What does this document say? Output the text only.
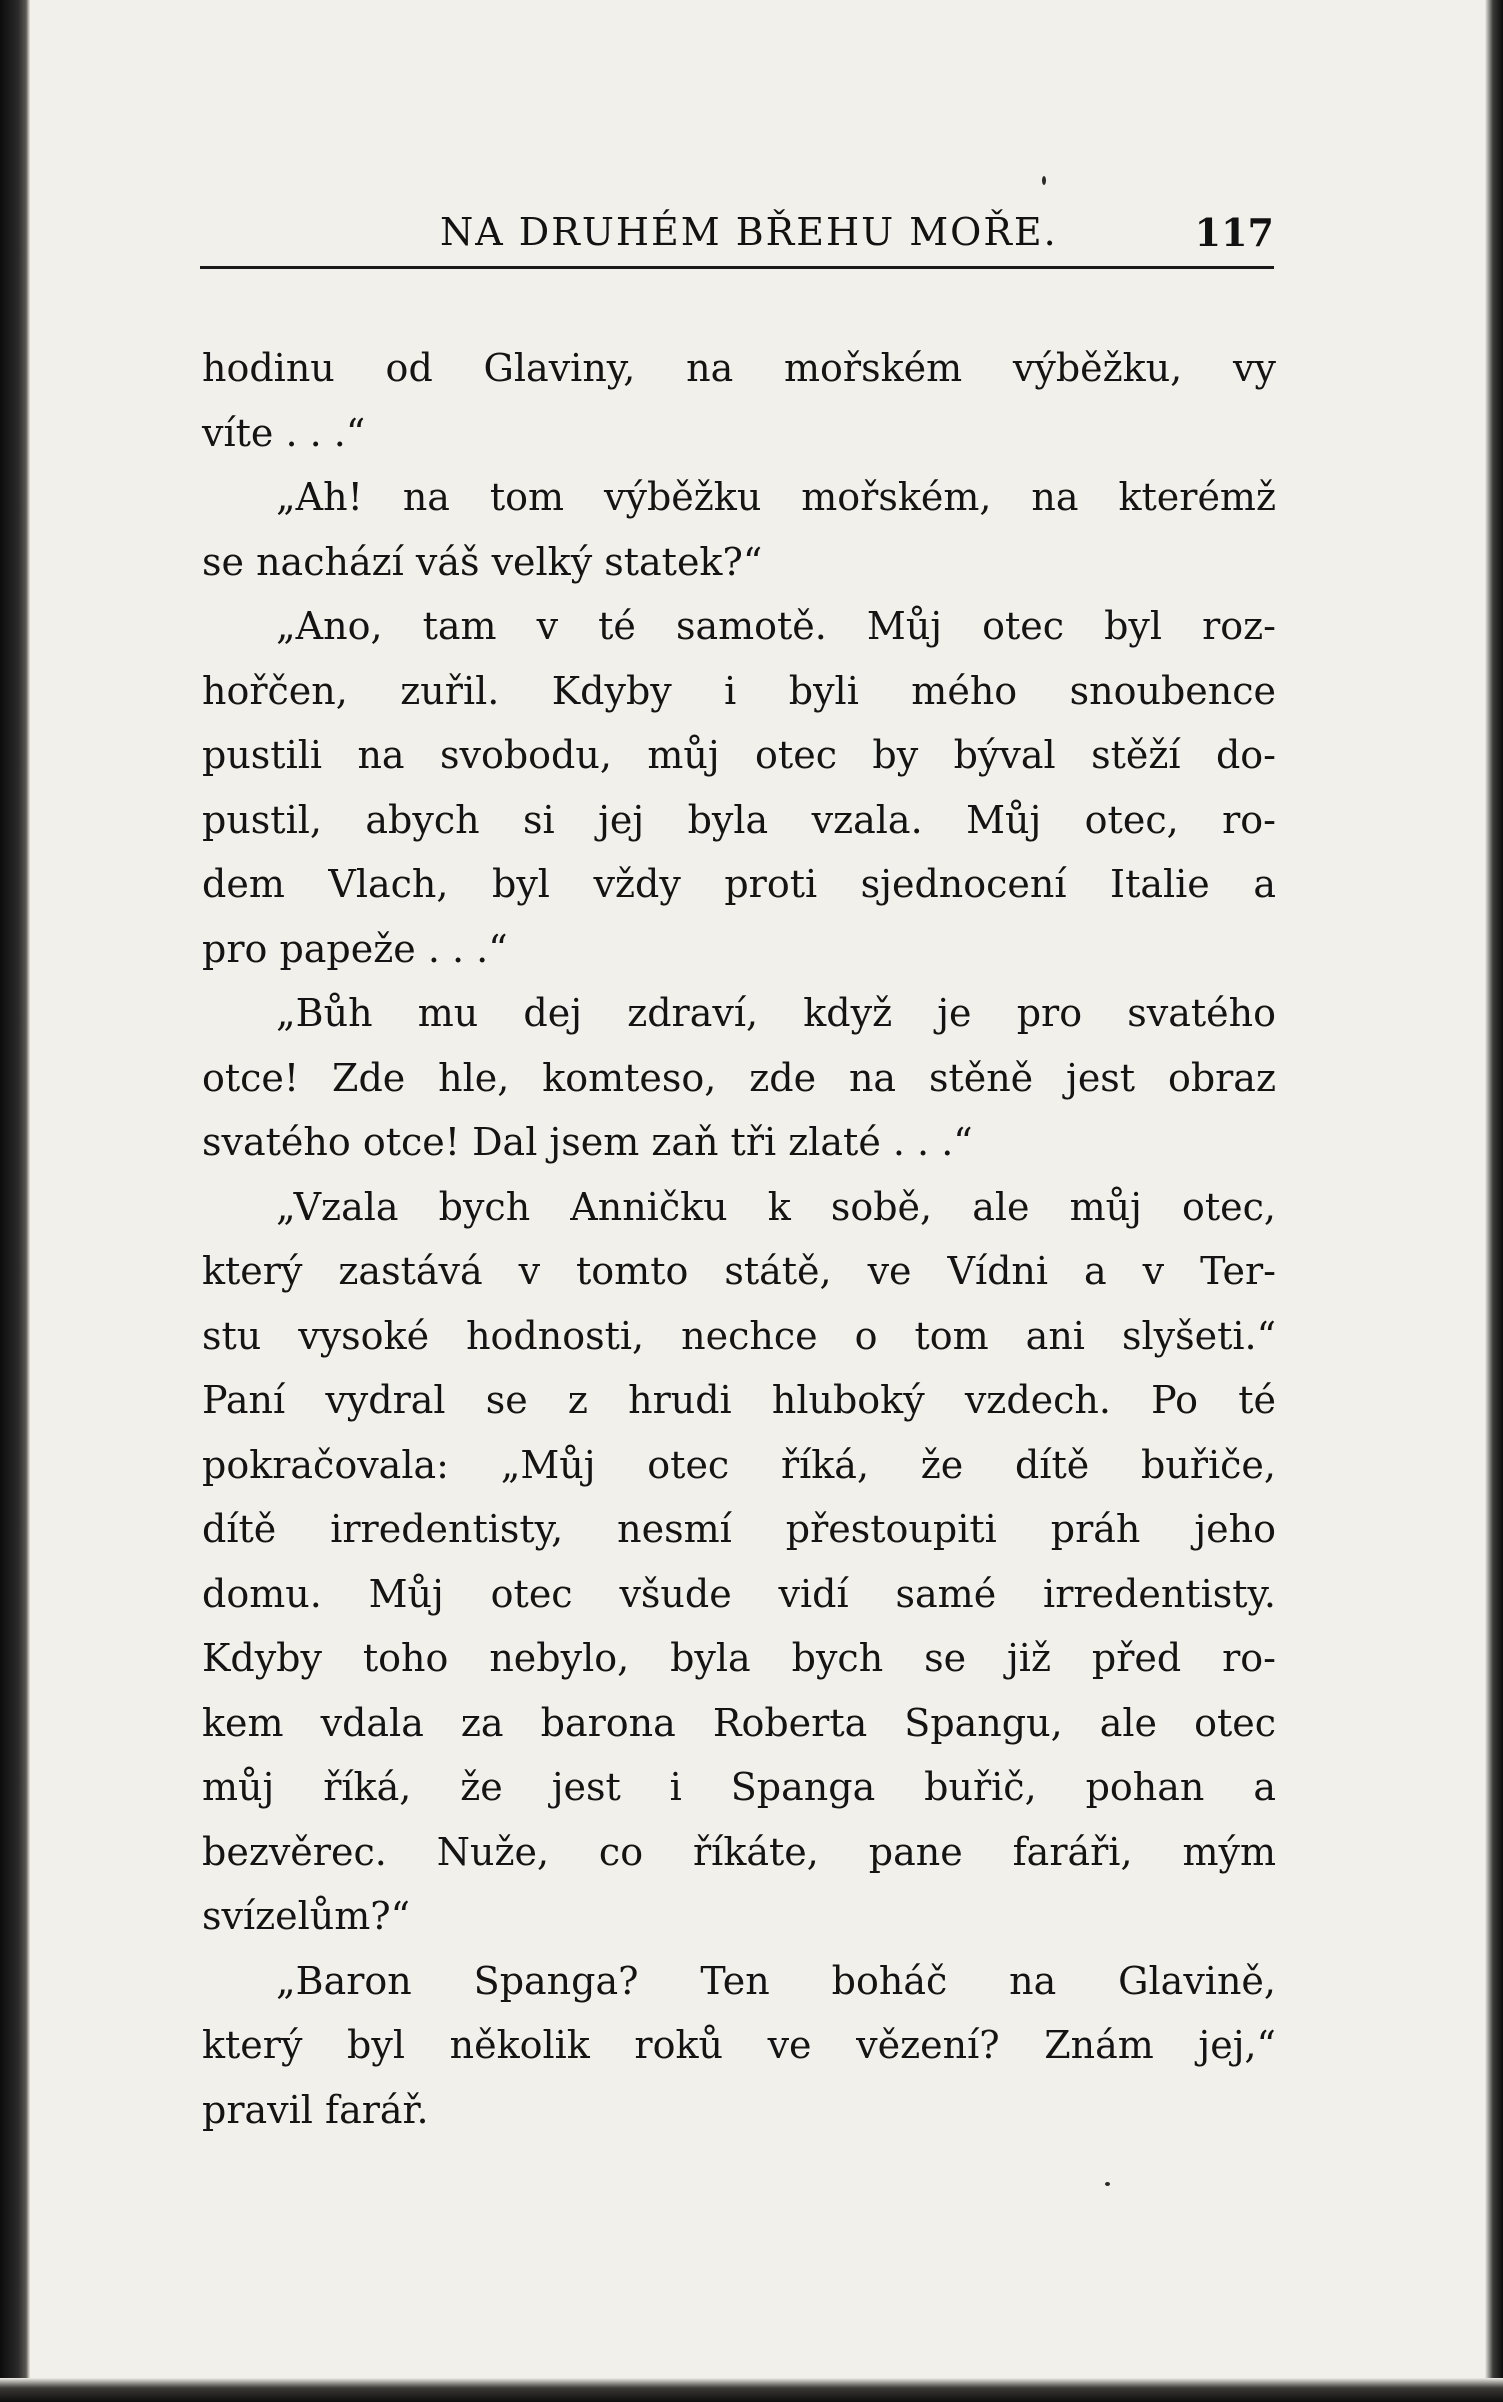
NA DRUHÉM BŘEHU MOŘE.	117
hodinu od Glaviny, na mořském výběžku, vy
víte . . .“
„Ah! na tom výběžku mořském, na kterémž
se nachází váš velký statek?“
„Ano, tam v té samotě. Můj otec byl roz-
hořčen, zuřil. Kdyby i byli mého snoubence
pustili na svobodu, můj otec by býval stěží do-
pustil, abych si jej byla vzala. Můj otec, ro-
dem Vlach, byl vždy proti sjednocení Italie a
pro papeže . . .“
„Bůh mu dej zdraví, když je pro svatého
otce! Zde hle, komteso, zde na stěně jest obraz
svatého otce! Dal jsem zaň tři zlaté . . .“
„Vzala bych Anničku k sobě, ale můj otec,
který zastává v tomto státě, ve Vídni a v Ter-
stu vysoké hodnosti, nechce o tom ani slyšeti.“
Paní vydral se z hrudi hluboký vzdech. Po té
pokračovala: „Můj otec říká, že dítě buřiče,
dítě irredentisty, nesmí přestoupiti práh jeho
domu. Můj otec všude vidí samé irredentisty.
Kdyby toho nebylo, byla bych se již před ro-
kem vdala za barona Roberta Spangu, ale otec
můj říká, že jest i Spanga buřič, pohan a
bezvěrec. Nuže, co říkáte, pane faráři, mým
svízelům?“
„Baron Spanga? Ten boháč na Glavině,
který byl několik roků ve vězení? Znám jej,“
pravil farář.
